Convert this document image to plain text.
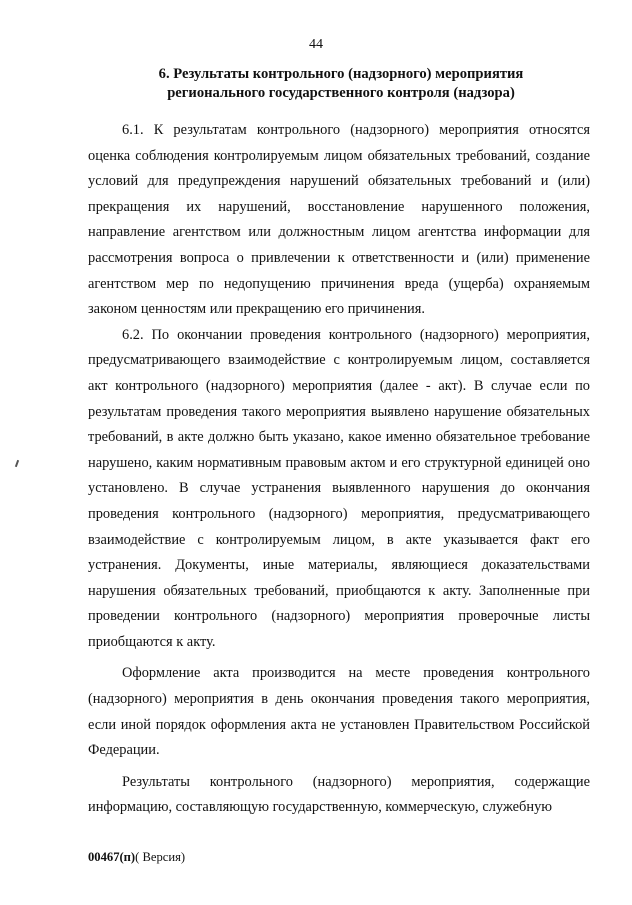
44
6. Результаты контрольного (надзорного) мероприятия
регионального государственного контроля (надзора)

6.1. К результатам контрольного (надзорного) мероприятия относятся оценка соблюдения контролируемым лицом обязательных требований, создание условий для предупреждения нарушений обязательных требований и (или) прекращения их нарушений, восстановление нарушенного положения, направление агентством или должностным лицом агентства информации для рассмотрения вопроса о привлечении к ответственности и (или) применение агентством мер по недопущению причинения вреда (ущерба) охраняемым законом ценностям или прекращению его причинения.

6.2. По окончании проведения контрольного (надзорного) мероприятия, предусматривающего взаимодействие с контролируемым лицом, составляется акт контрольного (надзорного) мероприятия (далее - акт). В случае если по результатам проведения такого мероприятия выявлено нарушение обязательных требований, в акте должно быть указано, какое именно обязательное требование нарушено, каким нормативным правовым актом и его структурной единицей оно установлено. В случае устранения выявленного нарушения до окончания проведения контрольного (надзорного) мероприятия, предусматривающего взаимодействие с контролируемым лицом, в акте указывается факт его устранения. Документы, иные материалы, являющиеся доказательствами нарушения обязательных требований, приобщаются к акту. Заполненные при проведении контрольного (надзорного) мероприятия проверочные листы приобщаются к акту.

Оформление акта производится на месте проведения контрольного (надзорного) мероприятия в день окончания проведения такого мероприятия, если иной порядок оформления акта не установлен Правительством Российской Федерации.

Результаты контрольного (надзорного) мероприятия, содержащие информацию, составляющую государственную, коммерческую, служебную

00467(п)( Версия)
